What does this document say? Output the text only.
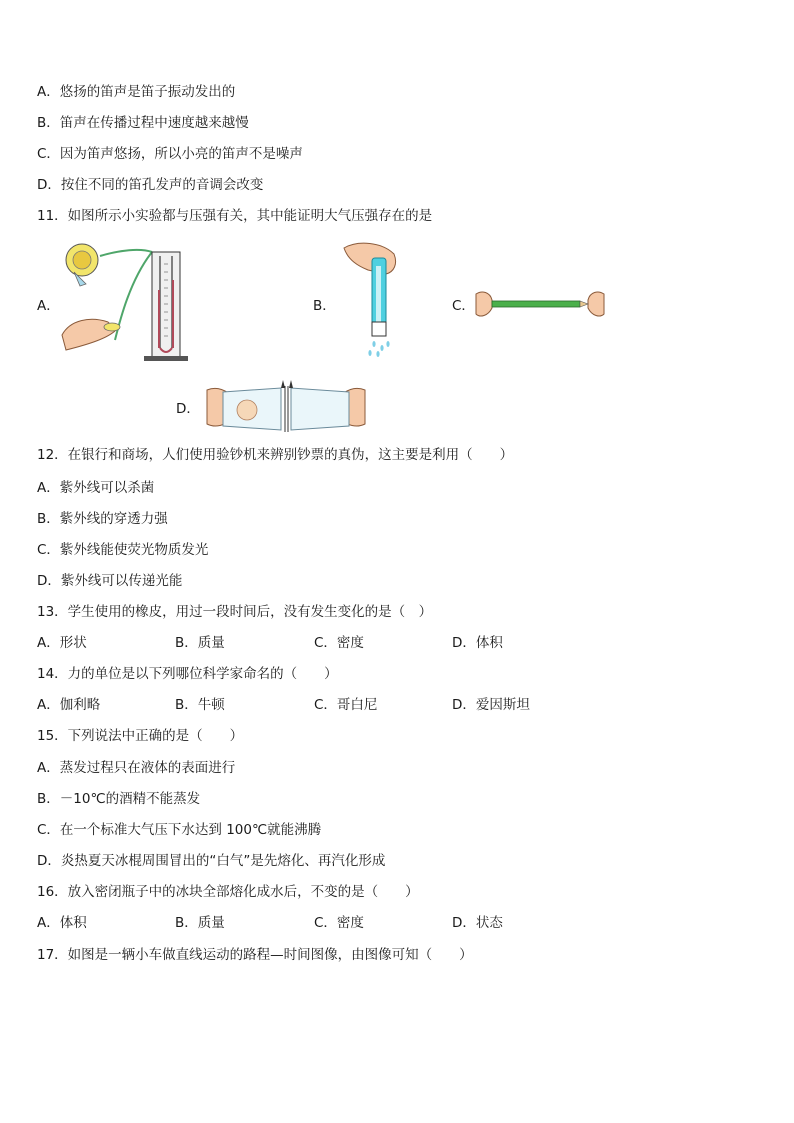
A．悠扬的笛声是笛子振动发出的
B．笛声在传播过程中速度越来越慢
C．因为笛声悠扬，所以小亮的笛声不是噪声
D．按住不同的笛孔发声的音调会改变
11．如图所示小实验都与压强有关，其中能证明大气压强存在的是
A．	B．	C．
D．
12．在银行和商场，人们使用验钞机来辨别钞票的真伪，这主要是利用（　　）
A．紫外线可以杀菌
B．紫外线的穿透力强
C．紫外线能使荧光物质发光
D．紫外线可以传递光能
13．学生使用的橡皮，用过一段时间后，没有发生变化的是（　）
A．形状	B．质量	C．密度	D．体积
14．力的单位是以下列哪位科学家命名的（　　）
A．伽利略	B．牛顿	C．哥白尼	D．爱因斯坦
15．下列说法中正确的是（　　）
A．蒸发过程只在液体的表面进行
B．－10℃的酒精不能蒸发
C．在一个标准大气压下水达到 100℃就能沸腾
D．炎热夏天冰棍周围冒出的“白气”是先熔化、再汽化形成
16．放入密闭瓶子中的冰块全部熔化成水后，不变的是（　　）
A．体积	B．质量	C．密度	D．状态
17．如图是一辆小车做直线运动的路程—时间图像，由图像可知（　　）
